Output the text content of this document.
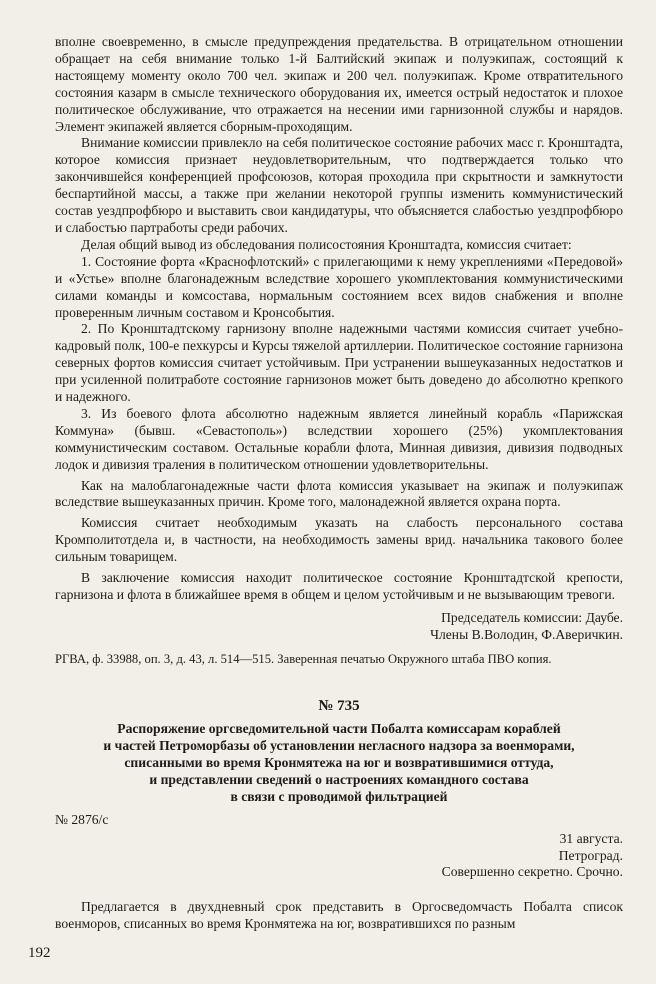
вполне своевременно, в смысле предупреждения предательства. В отрицательном отношении обращает на себя внимание только 1-й Балтийский экипаж и полуэкипаж, состоящий к настоящему моменту около 700 чел. экипаж и 200 чел. полуэкипаж. Кроме отвратительного состояния казарм в смысле технического оборудования их, имеется острый недостаток и плохое политическое обслуживание, что отражается на несении ими гарнизонной службы и нарядов. Элемент экипажей является сборным-проходящим.

Внимание комиссии привлекло на себя политическое состояние рабочих масс г. Кронштадта, которое комиссия признает неудовлетворительным, что подтверждается только что закончившейся конференцией профсоюзов, которая проходила при скрытности и замкнутости беспартийной массы, а также при желании некоторой группы изменить коммунистический состав уездпрофбюро и выставить свои кандидатуры, что объясняется слабостью уездпрофбюро и слабостью партработы среди рабочих.

Делая общий вывод из обследования полисостояния Кронштадта, комиссия считает:

1. Состояние форта «Краснофлотский» с прилегающими к нему укреплениями «Передовой» и «Устье» вполне благонадежным вследствие хорошего укомплектования коммунистическими силами команды и комсостава, нормальным состоянием всех видов снабжения и вполне проверенным личным составом и Кронсобытия.

2. По Кронштадтскому гарнизону вполне надежными частями комиссия считает учебно-кадровый полк, 100-е пехкурсы и Курсы тяжелой артиллерии. Политическое состояние гарнизона северных фортов комиссия считает устойчивым. При устранении вышеуказанных недостатков и при усиленной политработе состояние гарнизонов может быть доведено до абсолютно крепкого и надежного.

3. Из боевого флота абсолютно надежным является линейный корабль «Парижская Коммуна» (бывш. «Севастополь») вследствии хорошего (25%) укомплектования коммунистическим составом. Остальные корабли флота, Минная дивизия, дивизия подводных лодок и дивизия траления в политическом отношении удовлетворительны.

Как на малоблагонадежные части флота комиссия указывает на экипаж и полуэкипаж вследствие вышеуказанных причин. Кроме того, малонадежной является охрана порта.

Комиссия считает необходимым указать на слабость персонального состава Кромполитотдела и, в частности, на необходимость замены врид. начальника такового более сильным товарищем.

В заключение комиссия находит политическое состояние Кронштадтской крепости, гарнизона и флота в ближайшее время в общем и целом устойчивым и не вызывающим тревоги.

Председатель комиссии: Даубе.
Члены В.Володин, Ф.Аверичкин.

РГВА, ф. 33988, оп. 3, д. 43, л. 514—515. Заверенная печатью Окружного штаба ПВО копия.

№ 735
Распоряжение оргсведомительной части Побалта комиссарам кораблей
и частей Петроморбазы об установлении негласного надзора за военморами,
списанными во время Кронмятежа на юг и возвратившимися оттуда,
и представлении сведений о настроениях командного состава
в связи с проводимой фильтрацией
№ 2876/с
31 августа.
Петроград.
Совершенно секретно. Срочно.

Предлагается в двухдневный срок представить в Оргосведомчасть Побалта список военморов, списанных во время Кронмятежа на юг, возвратившихся по разным

192
